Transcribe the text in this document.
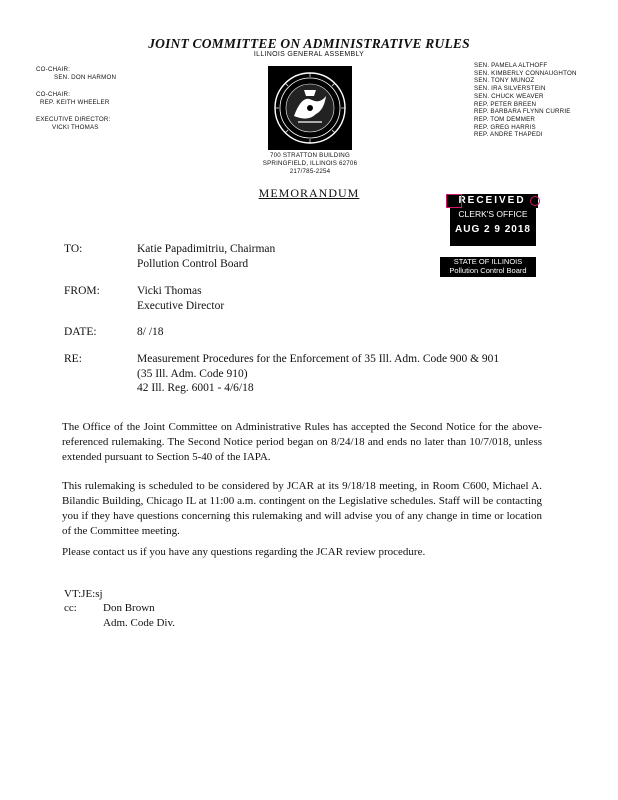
JOINT COMMITTEE ON ADMINISTRATIVE RULES
ILLINOIS GENERAL ASSEMBLY
CO-CHAIR:
SEN. DON HARMON
CO-CHAIR:
REP. KEITH WHEELER
EXECUTIVE DIRECTOR:
VICKI THOMAS
SEN. PAMELA ALTHOFF
SEN. KIMBERLY CONNAUGHTON
SEN. TONY MUNOZ
SEN. IRA SILVERSTEIN
SEN. CHUCK WEAVER
REP. PETER BREEN
REP. BARBARA FLYNN CURRIE
REP. TOM DEMMER
REP. GREG HARRIS
REP. ANDRE THAPEDI
700 STRATTON BUILDING
SPRINGFIELD, ILLINOIS 62706
217/785-2254
MEMORANDUM
RECEIVED
CLERK'S OFFICE
AUG 2 9 2018
STATE OF ILLINOIS
Pollution Control Board
TO:	Katie Papadimitriu, Chairman
Pollution Control Board
FROM:	Vicki Thomas
Executive Director
DATE:	8/ /18
RE:	Measurement Procedures for the Enforcement of 35 Ill. Adm. Code 900 & 901
(35 Ill. Adm. Code 910)
42 Ill. Reg. 6001 - 4/6/18
The Office of the Joint Committee on Administrative Rules has accepted the Second Notice for the above-referenced rulemaking. The Second Notice period began on 8/24/18 and ends no later than 10/7/018, unless extended pursuant to Section 5-40 of the IAPA.
This rulemaking is scheduled to be considered by JCAR at its 9/18/18 meeting, in Room C600, Michael A. Bilandic Building, Chicago IL at 11:00 a.m. contingent on the Legislative schedules. Staff will be contacting you if they have questions concerning this rulemaking and will advise you of any change in time or location of the Committee meeting.
Please contact us if you have any questions regarding the JCAR review procedure.
VT:JE:sj
cc: Don Brown
Adm. Code Div.
